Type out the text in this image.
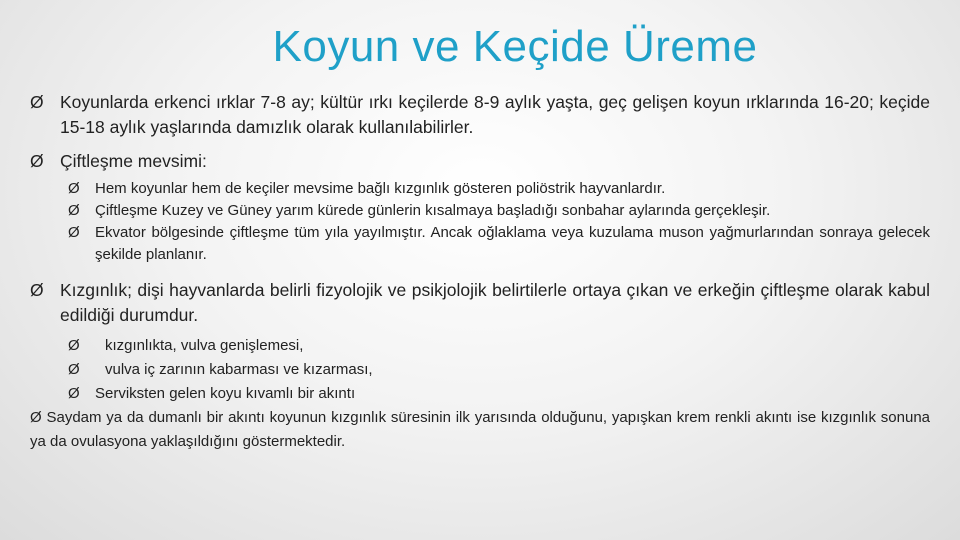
Koyun ve Keçide Üreme
Ø Koyunlarda erkenci ırklar 7-8 ay; kültür ırkı keçilerde 8-9 aylık yaşta, geç gelişen koyun ırklarında 16-20; keçide 15-18 aylık yaşlarında damızlık olarak kullanılabilirler.
Ø Çiftleşme mevsimi:
Ø Hem koyunlar hem de keçiler mevsime bağlı kızgınlık gösteren poliöstrik hayvanlardır.
Ø Çiftleşme Kuzey ve Güney yarım kürede günlerin kısalmaya başladığı sonbahar aylarında gerçekleşir.
Ø Ekvator bölgesinde çiftleşme tüm yıla yayılmıştır. Ancak oğlaklama veya kuzulama muson yağmurlarından sonraya gelecek şekilde planlanır.
Ø Kızgınlık; dişi hayvanlarda belirli fizyolojik ve psikjolojik belirtilerle ortaya çıkan ve erkeğin çiftleşme olarak kabul edildiği durumdur.
Ø kızgınlıkta, vulva genişlemesi,
Ø vulva iç zarının kabarması ve kızarması,
Ø Serviksten gelen koyu kıvamlı bir akıntı
Ø Saydam ya da dumanlı bir akıntı koyunun kızgınlık süresinin ilk yarısında olduğunu, yapışkan krem renkli akıntı ise kızgınlık sonuna ya da ovulasyona yaklaşıldığını göstermektedir.
